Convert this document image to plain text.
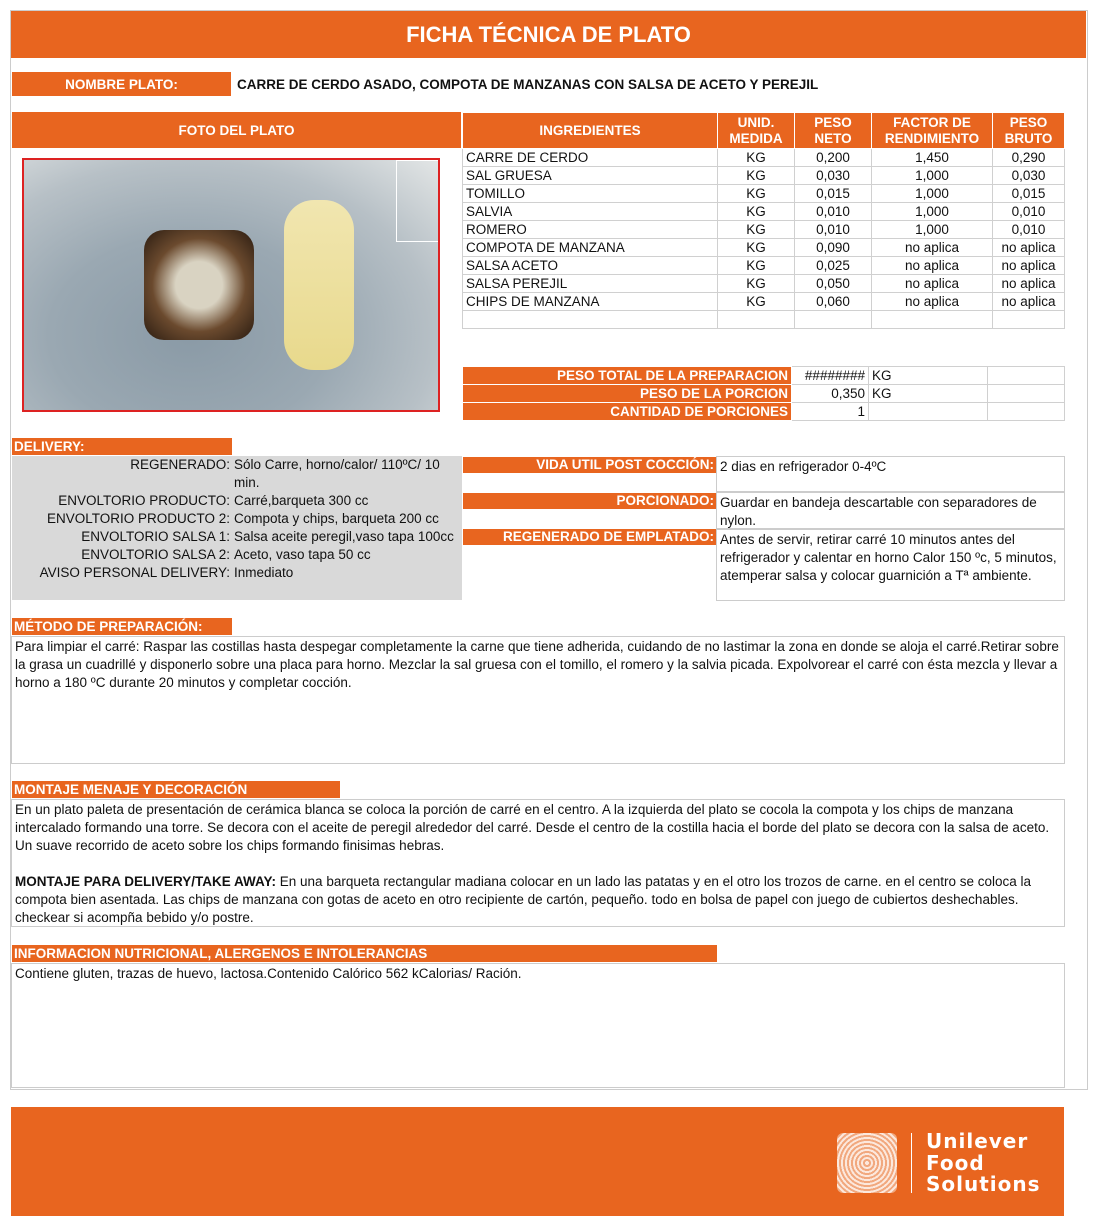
FICHA TÉCNICA DE PLATO
NOMBRE PLATO:	CARRE DE CERDO ASADO, COMPOTA DE MANZANAS CON SALSA DE ACETO Y PEREJIL
FOTO DEL PLATO	INGREDIENTES	UNID. MEDIDA	PESO NETO	FACTOR DE RENDIMIENTO	PESO BRUTO
CARRE DE CERDO	KG	0,200	1,450	0,290
SAL GRUESA	KG	0,030	1,000	0,030
TOMILLO	KG	0,015	1,000	0,015
SALVIA	KG	0,010	1,000	0,010
ROMERO	KG	0,010	1,000	0,010
COMPOTA DE MANZANA	KG	0,090	no aplica	no aplica
SALSA ACETO	KG	0,025	no aplica	no aplica
SALSA PEREJIL	KG	0,050	no aplica	no aplica
CHIPS DE MANZANA	KG	0,060	no aplica	no aplica

PESO TOTAL DE LA PREPARACION	########	KG	
PESO DE LA PORCION	0,350	KG	
CANTIDAD DE PORCIONES	1		
DELIVERY:
REGENERADO: Sólo Carre, horno/calor/ 110ºC/ 10 min.
ENVOLTORIO PRODUCTO: Carré,barqueta 300 cc
ENVOLTORIO PRODUCTO 2: Compota y chips, barqueta 200 cc
ENVOLTORIO SALSA 1: Salsa aceite peregil,vaso tapa 100cc
ENVOLTORIO SALSA 2: Aceto, vaso tapa 50 cc
AVISO PERSONAL DELIVERY: Inmediato
VIDA UTIL POST COCCIÓN: 2 dias en refrigerador 0-4ºC
PORCIONADO: Guardar en bandeja descartable con separadores de nylon.
REGENERADO DE EMPLATADO: Antes de servir, retirar carré 10 minutos antes del refrigerador y calentar en horno Calor 150 ºc, 5 minutos, atemperar salsa y colocar guarnición a Tª ambiente.
MÉTODO DE PREPARACIÓN:
Para limpiar el carré: Raspar las costillas hasta despegar completamente la carne que tiene adherida, cuidando de no lastimar la zona en donde se aloja el carré.Retirar sobre la grasa un cuadrillé y disponerlo sobre una placa para horno. Mezclar la sal gruesa con el tomillo, el romero y la salvia picada. Expolvorear el carré con ésta mezcla y llevar a horno a 180 ºC durante 20 minutos y completar cocción.
MONTAJE MENAJE Y DECORACIÓN
En un plato paleta de presentación de cerámica blanca se coloca la porción de carré en el centro. A la izquierda del plato se cocola la compota y los chips de manzana intercalado formando una torre. Se decora con el aceite de peregil alrededor del carré. Desde el centro de la costilla hacia el borde del plato se decora con la salsa de aceto. Un suave recorrido de aceto sobre los chips formando finisimas hebras.
MONTAJE PARA DELIVERY/TAKE AWAY: En una barqueta rectangular madiana colocar en un lado las patatas y en el otro los trozos de carne. en el centro se coloca la compota bien asentada. Las chips de manzana con gotas de aceto en otro recipiente de cartón, pequeño. todo en bolsa de papel con juego de cubiertos deshechables. checkear si acompña bebido y/o postre.
INFORMACION NUTRICIONAL, ALERGENOS E INTOLERANCIAS
Contiene gluten, trazas de huevo, lactosa.Contenido Calórico 562 kCalorias/ Ración.
Unilever
Food
Solutions
